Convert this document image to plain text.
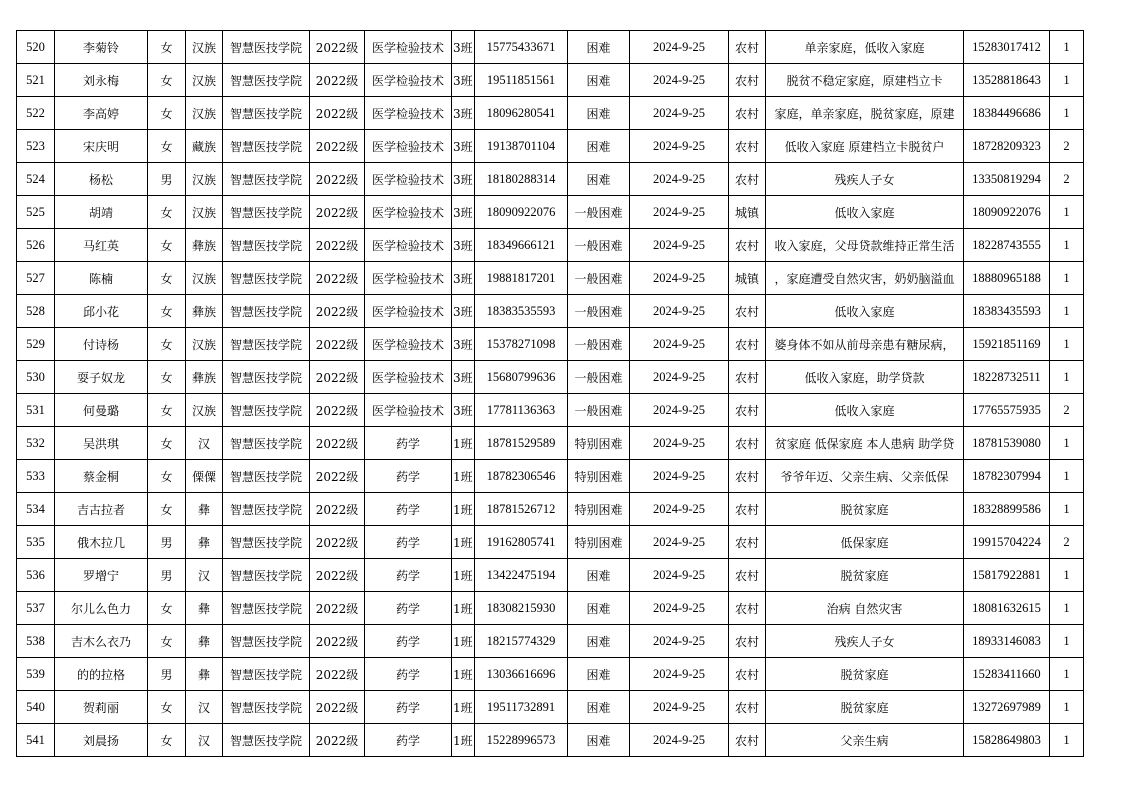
520	李菊铃	女	汉族	智慧医技学院	2022级	医学检验技术	3班	15775433671	困难	2024-9-25	农村	单亲家庭，低收入家庭	15283017412	1
521	刘永梅	女	汉族	智慧医技学院	2022级	医学检验技术	3班	19511851561	困难	2024-9-25	农村	脱贫不稳定家庭，原建档立卡	13528818643	1
522	李高婷	女	汉族	智慧医技学院	2022级	医学检验技术	3班	18096280541	困难	2024-9-25	农村	家庭，单亲家庭，脱贫家庭，原建	18384496686	1
523	宋庆明	女	藏族	智慧医技学院	2022级	医学检验技术	3班	19138701104	困难	2024-9-25	农村	低收入家庭 原建档立卡脱贫户	18728209323	2
524	杨松	男	汉族	智慧医技学院	2022级	医学检验技术	3班	18180288314	困难	2024-9-25	农村	残疾人子女	13350819294	2
525	胡靖	女	汉族	智慧医技学院	2022级	医学检验技术	3班	18090922076	一般困难	2024-9-25	城镇	低收入家庭	18090922076	1
526	马红英	女	彝族	智慧医技学院	2022级	医学检验技术	3班	18349666121	一般困难	2024-9-25	农村	收入家庭，父母贷款维持正常生活	18228743555	1
527	陈楠	女	汉族	智慧医技学院	2022级	医学检验技术	3班	19881817201	一般困难	2024-9-25	城镇	，家庭遭受自然灾害，奶奶脑溢血	18880965188	1
528	邱小花	女	彝族	智慧医技学院	2022级	医学检验技术	3班	18383535593	一般困难	2024-9-25	农村	低收入家庭	18383435593	1
529	付诗杨	女	汉族	智慧医技学院	2022级	医学检验技术	3班	15378271098	一般困难	2024-9-25	农村	婆身体不如从前母亲患有糖尿病，	15921851169	1
530	耍子奴龙	女	彝族	智慧医技学院	2022级	医学检验技术	3班	15680799636	一般困难	2024-9-25	农村	低收入家庭，助学贷款	18228732511	1
531	何曼璐	女	汉族	智慧医技学院	2022级	医学检验技术	3班	17781136363	一般困难	2024-9-25	农村	低收入家庭	17765575935	2
532	吴洪琪	女	汉	智慧医技学院	2022级	药学	1班	18781529589	特别困难	2024-9-25	农村	贫家庭 低保家庭 本人患病 助学贷	18781539080	1
533	蔡金桐	女	傈僳	智慧医技学院	2022级	药学	1班	18782306546	特别困难	2024-9-25	农村	爷爷年迈、父亲生病、父亲低保	18782307994	1
534	吉古拉者	女	彝	智慧医技学院	2022级	药学	1班	18781526712	特别困难	2024-9-25	农村	脱贫家庭	18328899586	1
535	俄木拉几	男	彝	智慧医技学院	2022级	药学	1班	19162805741	特别困难	2024-9-25	农村	低保家庭	19915704224	2
536	罗增宁	男	汉	智慧医技学院	2022级	药学	1班	13422475194	困难	2024-9-25	农村	脱贫家庭	15817922881	1
537	尔儿么色力	女	彝	智慧医技学院	2022级	药学	1班	18308215930	困难	2024-9-25	农村	治病 自然灾害	18081632615	1
538	吉木么衣乃	女	彝	智慧医技学院	2022级	药学	1班	18215774329	困难	2024-9-25	农村	残疾人子女	18933146083	1
539	的的拉格	男	彝	智慧医技学院	2022级	药学	1班	13036616696	困难	2024-9-25	农村	脱贫家庭	15283411660	1
540	贺莉丽	女	汉	智慧医技学院	2022级	药学	1班	19511732891	困难	2024-9-25	农村	脱贫家庭	13272697989	1
541	刘晨扬	女	汉	智慧医技学院	2022级	药学	1班	15228996573	困难	2024-9-25	农村	父亲生病	15828649803	1
